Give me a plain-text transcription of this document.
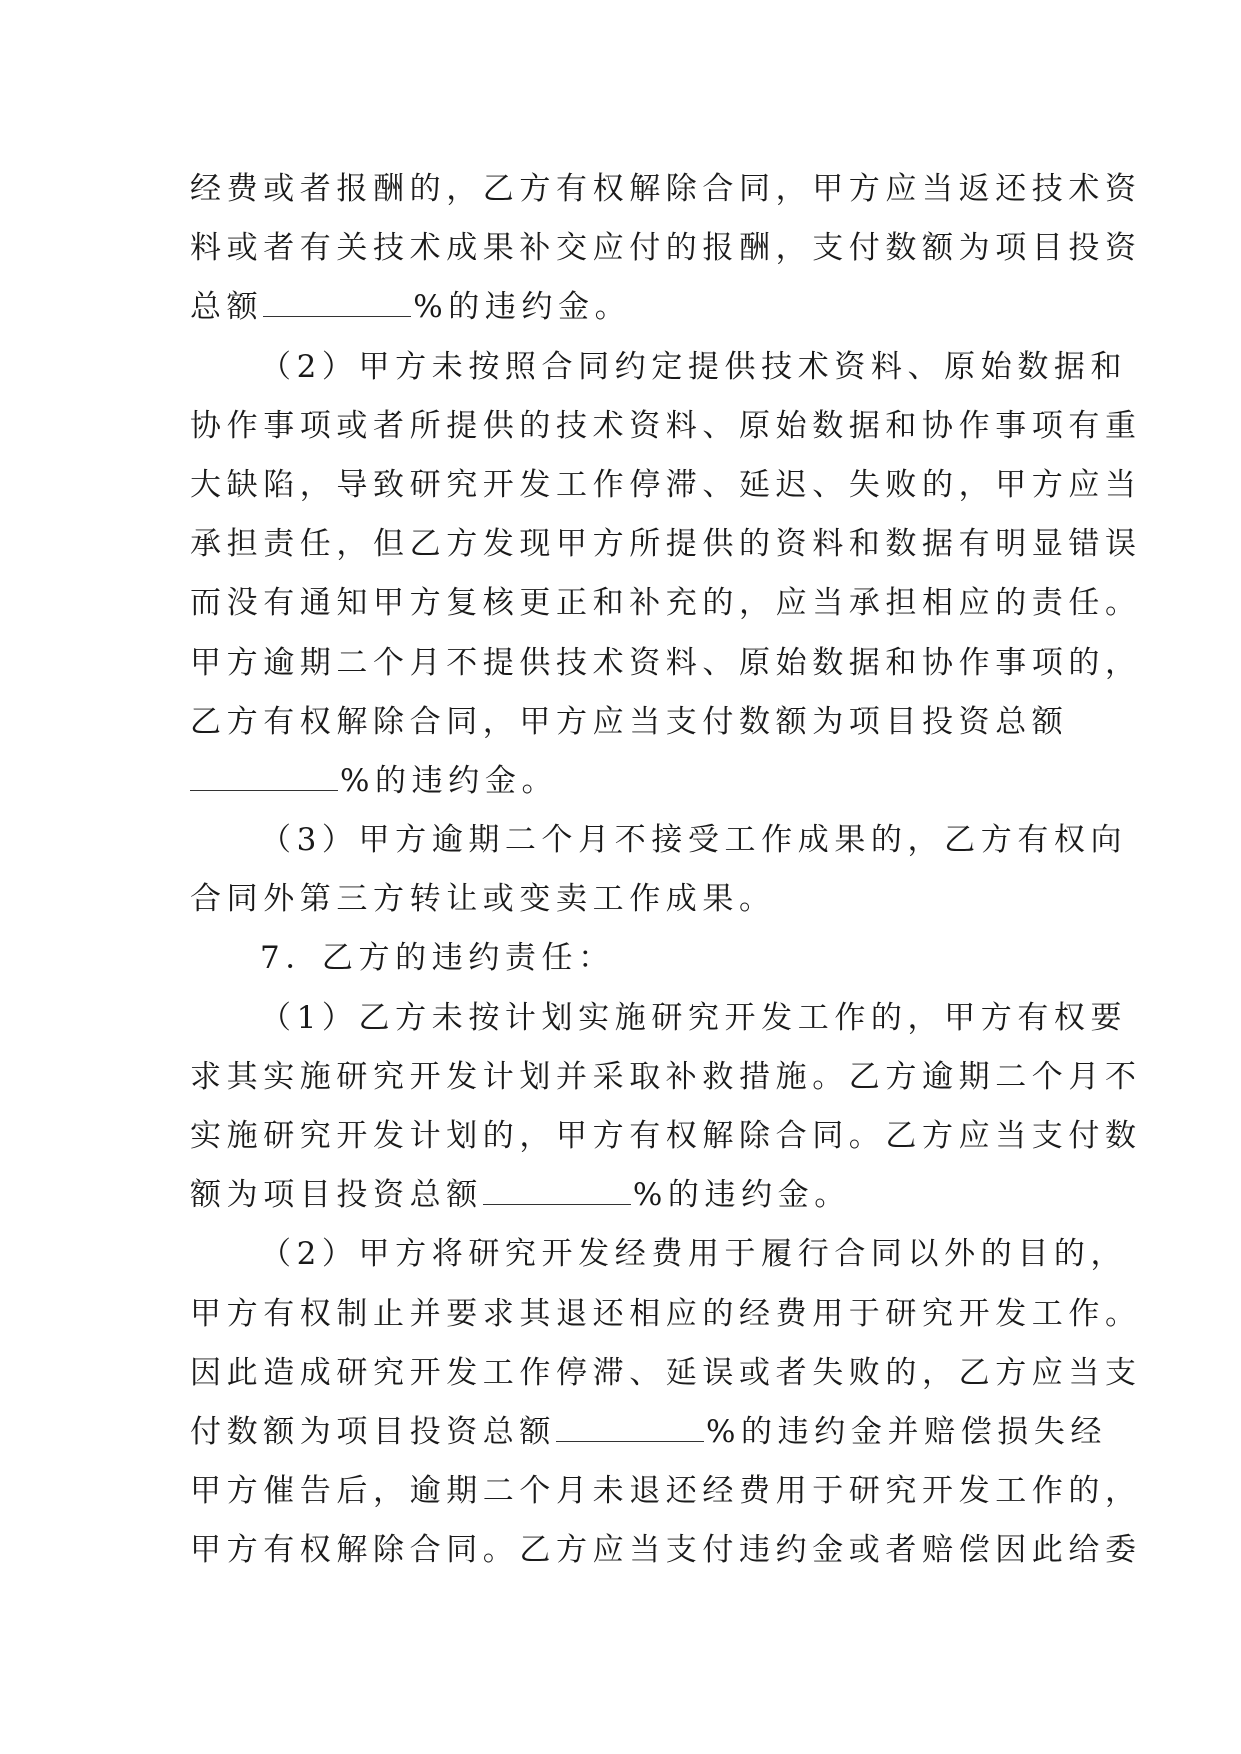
经费或者报酬的，乙方有权解除合同，甲方应当返还技术资
料或者有关技术成果补交应付的报酬，支付数额为项目投资
总额	%的违约金。
（2）甲方未按照合同约定提供技术资料、原始数据和
协作事项或者所提供的技术资料、原始数据和协作事项有重
大缺陷，导致研究开发工作停滞、延迟、失败的，甲方应当
承担责任，但乙方发现甲方所提供的资料和数据有明显错误
而没有通知甲方复核更正和补充的，应当承担相应的责任。
甲方逾期二个月不提供技术资料、原始数据和协作事项的，
乙方有权解除合同，甲方应当支付数额为项目投资总额
%的违约金。
（3）甲方逾期二个月不接受工作成果的，乙方有权向
合同外第三方转让或变卖工作成果。
7．乙方的违约责任：
（1）乙方未按计划实施研究开发工作的，甲方有权要
求其实施研究开发计划并采取补救措施。乙方逾期二个月不
实施研究开发计划的，甲方有权解除合同。乙方应当支付数
额为项目投资总额	%的违约金。
（2）甲方将研究开发经费用于履行合同以外的目的，
甲方有权制止并要求其退还相应的经费用于研究开发工作。
因此造成研究开发工作停滞、延误或者失败的，乙方应当支
付数额为项目投资总额	%的违约金并赔偿损失经
甲方催告后，逾期二个月未退还经费用于研究开发工作的，
甲方有权解除合同。乙方应当支付违约金或者赔偿因此给委
